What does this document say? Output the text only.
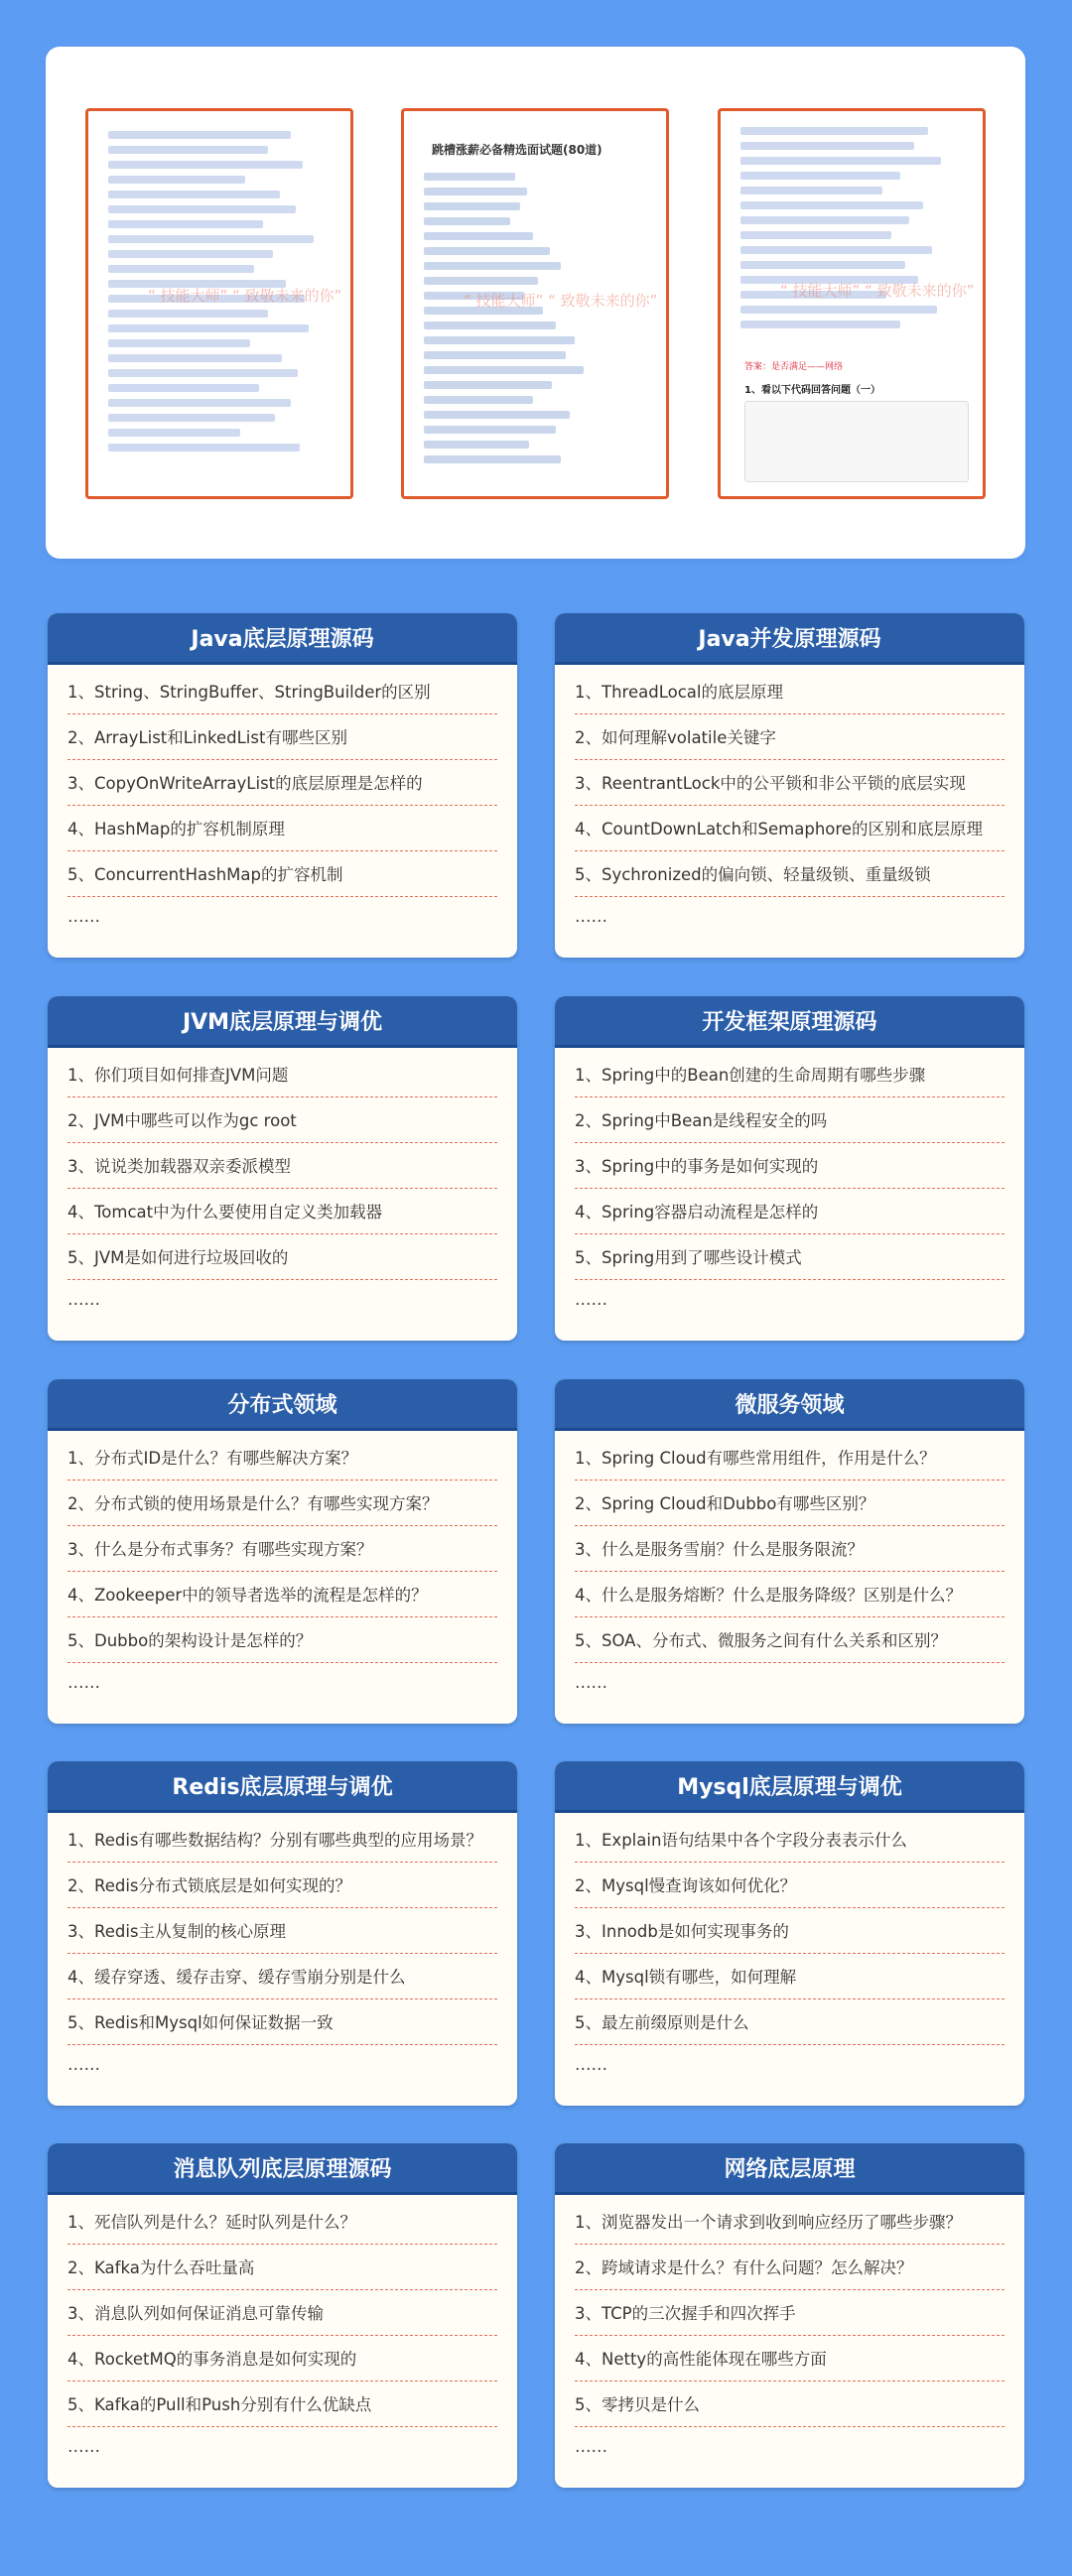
“ 技能大师” “ 致敬未来的你”
跳槽涨薪必备精选面试题(80道)
“ 技能大师” “ 致敬未来的你”
“ 技能大师” “ 致敬未来的你”
答案：是否满足——网络
1、看以下代码回答问题（一）
Java底层原理源码
1、String、StringBuffer、StringBuilder的区别
2、ArrayList和LinkedList有哪些区别
3、CopyOnWriteArrayList的底层原理是怎样的
4、HashMap的扩容机制原理
5、ConcurrentHashMap的扩容机制
……
Java并发原理源码
1、ThreadLocal的底层原理
2、如何理解volatile关键字
3、ReentrantLock中的公平锁和非公平锁的底层实现
4、CountDownLatch和Semaphore的区别和底层原理
5、Sychronized的偏向锁、轻量级锁、重量级锁
……
JVM底层原理与调优
1、你们项目如何排查JVM问题
2、JVM中哪些可以作为gc root
3、说说类加载器双亲委派模型
4、Tomcat中为什么要使用自定义类加载器
5、JVM是如何进行垃圾回收的
……
开发框架原理源码
1、Spring中的Bean创建的生命周期有哪些步骤
2、Spring中Bean是线程安全的吗
3、Spring中的事务是如何实现的
4、Spring容器启动流程是怎样的
5、Spring用到了哪些设计模式
……
分布式领域
1、分布式ID是什么？有哪些解决方案？
2、分布式锁的使用场景是什么？有哪些实现方案？
3、什么是分布式事务？有哪些实现方案？
4、Zookeeper中的领导者选举的流程是怎样的？
5、Dubbo的架构设计是怎样的？
……
微服务领域
1、Spring Cloud有哪些常用组件，作用是什么？
2、Spring Cloud和Dubbo有哪些区别？
3、什么是服务雪崩？什么是服务限流？
4、什么是服务熔断？什么是服务降级？区别是什么？
5、SOA、分布式、微服务之间有什么关系和区别？
……
Redis底层原理与调优
1、Redis有哪些数据结构？分别有哪些典型的应用场景？
2、Redis分布式锁底层是如何实现的？
3、Redis主从复制的核心原理
4、缓存穿透、缓存击穿、缓存雪崩分别是什么
5、Redis和Mysql如何保证数据一致
……
Mysql底层原理与调优
1、Explain语句结果中各个字段分表表示什么
2、Mysql慢查询该如何优化？
3、Innodb是如何实现事务的
4、Mysql锁有哪些，如何理解
5、最左前缀原则是什么
……
消息队列底层原理源码
1、死信队列是什么？延时队列是什么？
2、Kafka为什么吞吐量高
3、消息队列如何保证消息可靠传输
4、RocketMQ的事务消息是如何实现的
5、Kafka的Pull和Push分别有什么优缺点
……
网络底层原理
1、浏览器发出一个请求到收到响应经历了哪些步骤？
2、跨域请求是什么？有什么问题？怎么解决？
3、TCP的三次握手和四次挥手
4、Netty的高性能体现在哪些方面
5、零拷贝是什么
……
